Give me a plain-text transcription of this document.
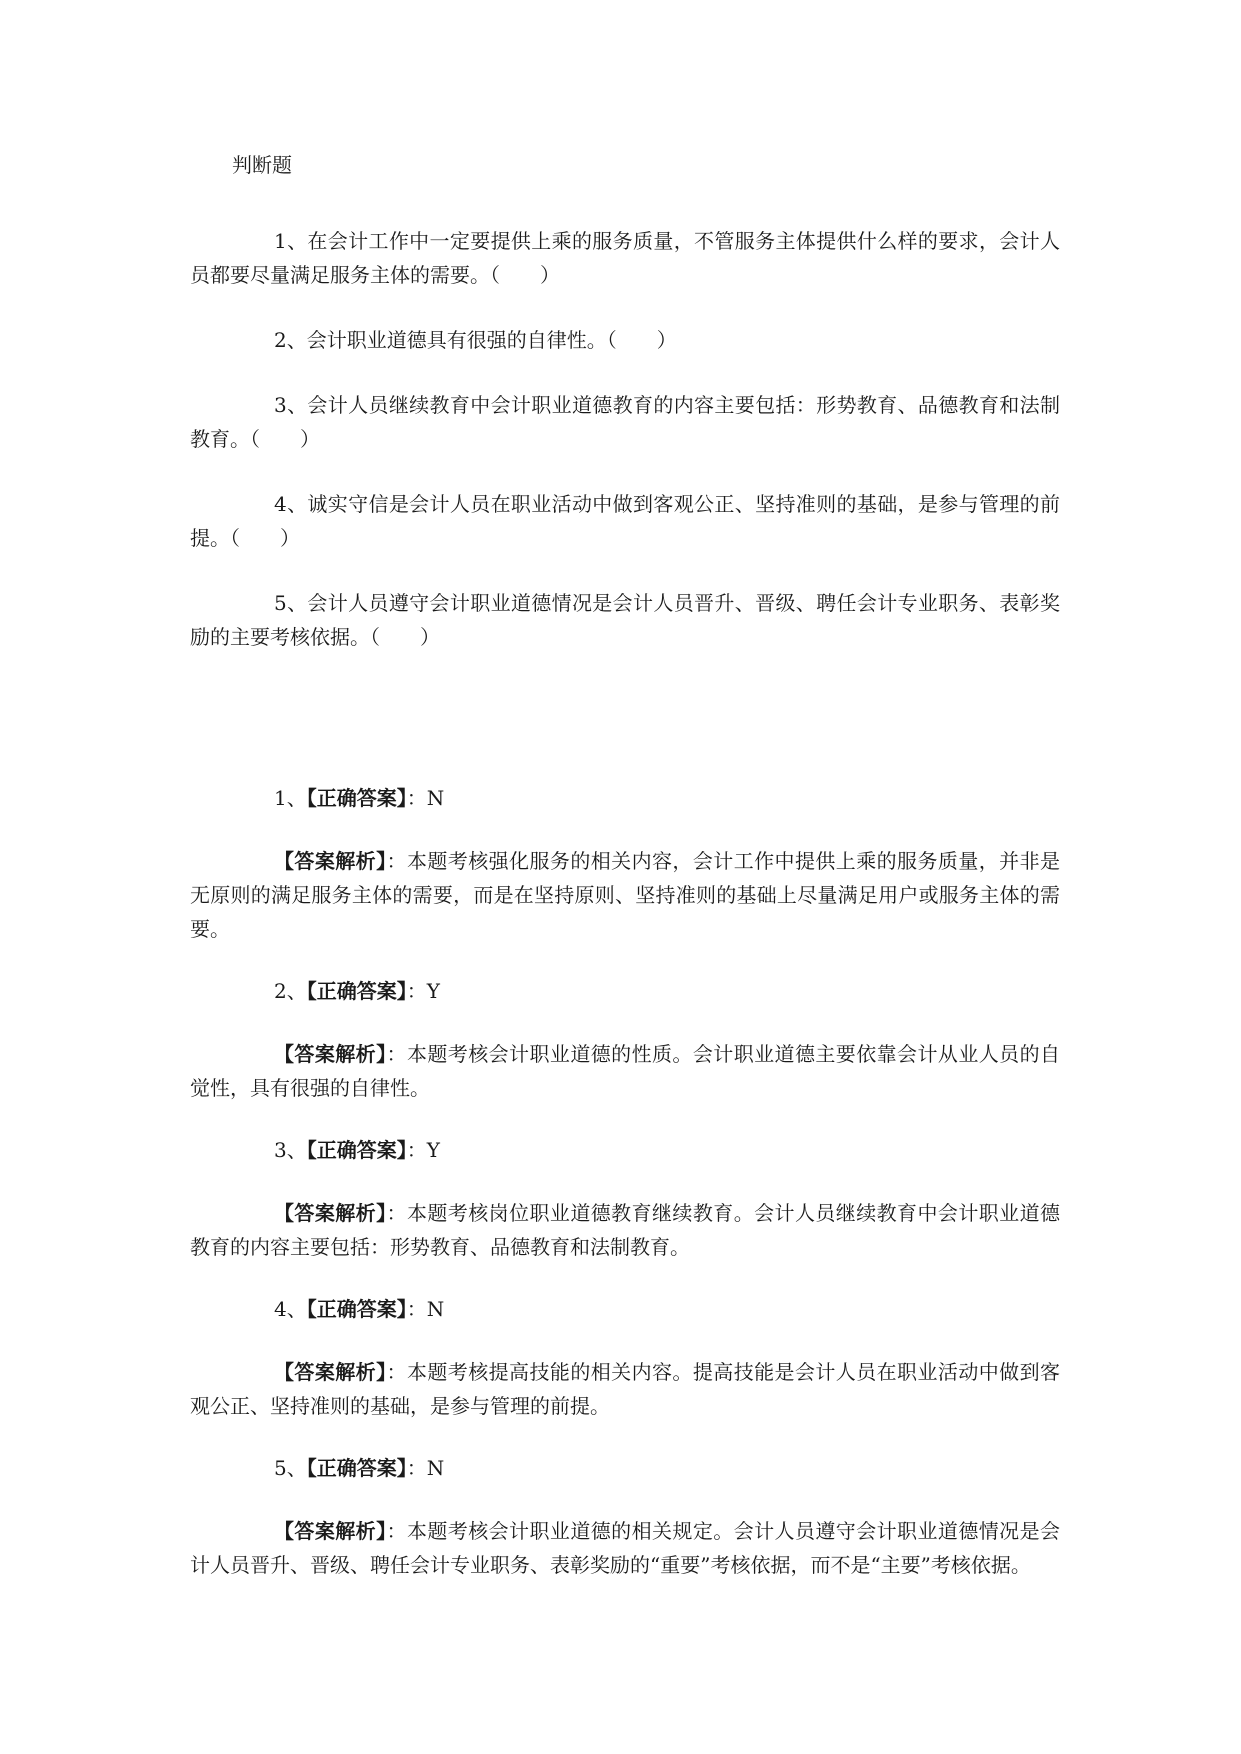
判断题

1、在会计工作中一定要提供上乘的服务质量，不管服务主体提供什么样的要求，会计人员都要尽量满足服务主体的需要。（　　）

2、会计职业道德具有很强的自律性。（　　）

3、会计人员继续教育中会计职业道德教育的内容主要包括：形势教育、品德教育和法制教育。（　　）

4、诚实守信是会计人员在职业活动中做到客观公正、坚持准则的基础，是参与管理的前提。（　　）

5、会计人员遵守会计职业道德情况是会计人员晋升、晋级、聘任会计专业职务、表彰奖励的主要考核依据。（　　）

1、【正确答案】：N

【答案解析】：本题考核强化服务的相关内容，会计工作中提供上乘的服务质量，并非是无原则的满足服务主体的需要，而是在坚持原则、坚持准则的基础上尽量满足用户或服务主体的需要。

2、【正确答案】：Y

【答案解析】：本题考核会计职业道德的性质。会计职业道德主要依靠会计从业人员的自觉性，具有很强的自律性。

3、【正确答案】：Y

【答案解析】：本题考核岗位职业道德教育继续教育。会计人员继续教育中会计职业道德教育的内容主要包括：形势教育、品德教育和法制教育。

4、【正确答案】：N

【答案解析】：本题考核提高技能的相关内容。提高技能是会计人员在职业活动中做到客观公正、坚持准则的基础，是参与管理的前提。

5、【正确答案】：N

【答案解析】：本题考核会计职业道德的相关规定。会计人员遵守会计职业道德情况是会计人员晋升、晋级、聘任会计专业职务、表彰奖励的“重要”考核依据，而不是“主要”考核依据。
